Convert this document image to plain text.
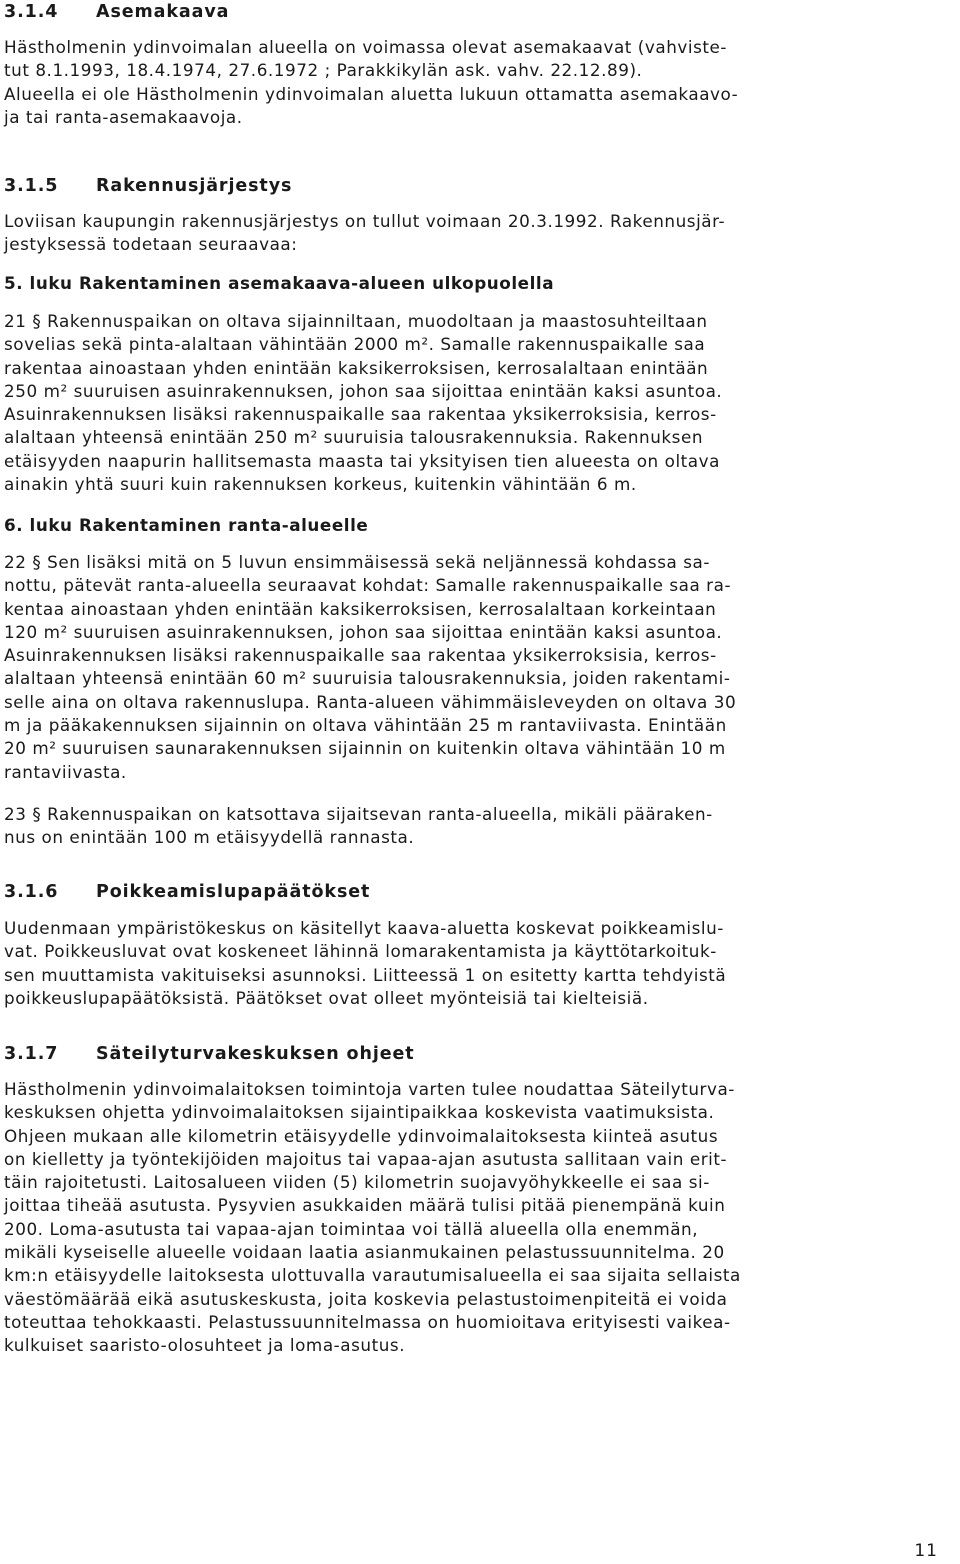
3.1.4 Asemakaava
Hästholmenin ydinvoimalan alueella on voimassa olevat asemakaavat (vahviste-
tut 8.1.1993, 18.4.1974, 27.6.1972 ; Parakkikylän ask. vahv. 22.12.89).
Alueella ei ole Hästholmenin ydinvoimalan aluetta lukuun ottamatta asemakaavo-
ja tai ranta-asemakaavoja.
3.1.5 Rakennusjärjestys
Loviisan kaupungin rakennusjärjestys on tullut voimaan 20.3.1992. Rakennusjär-
jestyksessä todetaan seuraavaa:
5. luku Rakentaminen asemakaava-alueen ulkopuolella
21 § Rakennuspaikan on oltava sijainniltaan, muodoltaan ja maastosuhteiltaan
sovelias sekä pinta-alaltaan vähintään 2000 m². Samalle rakennuspaikalle saa
rakentaa ainoastaan yhden enintään kaksikerroksisen, kerrosalaltaan enintään
250 m² suuruisen asuinrakennuksen, johon saa sijoittaa enintään kaksi asuntoa.
Asuinrakennuksen lisäksi rakennuspaikalle saa rakentaa yksikerroksisia, kerros-
alaltaan yhteensä enintään 250 m² suuruisia talousrakennuksia. Rakennuksen
etäisyyden naapurin hallitsemasta maasta tai yksityisen tien alueesta on oltava
ainakin yhtä suuri kuin rakennuksen korkeus, kuitenkin vähintään 6 m.
6. luku Rakentaminen ranta-alueelle
22 § Sen lisäksi mitä on 5 luvun ensimmäisessä sekä neljännessä kohdassa sa-
nottu, pätevät ranta-alueella seuraavat kohdat: Samalle rakennuspaikalle saa ra-
kentaa ainoastaan yhden enintään kaksikerroksisen, kerrosalaltaan korkeintaan
120 m² suuruisen asuinrakennuksen, johon saa sijoittaa enintään kaksi asuntoa.
Asuinrakennuksen lisäksi rakennuspaikalle saa rakentaa yksikerroksisia, kerros-
alaltaan yhteensä enintään 60 m² suuruisia talousrakennuksia, joiden rakentami-
selle aina on oltava rakennuslupa. Ranta-alueen vähimmäisleveyden on oltava 30
m ja pääkakennuksen sijainnin on oltava vähintään 25 m rantaviivasta. Enintään
20 m² suuruisen saunarakennuksen sijainnin on kuitenkin oltava vähintään 10 m
rantaviivasta.
23 § Rakennuspaikan on katsottava sijaitsevan ranta-alueella, mikäli pääraken-
nus on enintään 100 m etäisyydellä rannasta.
3.1.6 Poikkeamislupapäätökset
Uudenmaan ympäristökeskus on käsitellyt kaava-aluetta koskevat poikkeamislu-
vat. Poikkeusluvat ovat koskeneet lähinnä lomarakentamista ja käyttötarkoituk-
sen muuttamista vakituiseksi asunnoksi. Liitteessä 1 on esitetty kartta tehdyistä
poikkeuslupapäätöksistä. Päätökset ovat olleet myönteisiä tai kielteisiä.
3.1.7 Säteilyturvakeskuksen ohjeet
Hästholmenin ydinvoimalaitoksen toimintoja varten tulee noudattaa Säteilyturva-
keskuksen ohjetta ydinvoimalaitoksen sijaintipaikkaa koskevista vaatimuksista.
Ohjeen mukaan alle kilometrin etäisyydelle ydinvoimalaitoksesta kiinteä asutus
on kielletty ja työntekijöiden majoitus tai vapaa-ajan asutusta sallitaan vain erit-
täin rajoitetusti. Laitosalueen viiden (5) kilometrin suojavyöhykkeelle ei saa si-
joittaa tiheää asutusta. Pysyvien asukkaiden määrä tulisi pitää pienempänä kuin
200. Loma-asutusta tai vapaa-ajan toimintaa voi tällä alueella olla enemmän,
mikäli kyseiselle alueelle voidaan laatia asianmukainen pelastussuunnitelma. 20
km:n etäisyydelle laitoksesta ulottuvalla varautumisalueella ei saa sijaita sellaista
väestömäärää eikä asutuskeskusta, joita koskevia pelastustoimenpiteitä ei voida
toteuttaa tehokkaasti. Pelastussuunnitelmassa on huomioitava erityisesti vaikea-
kulkuiset saaristo-olosuhteet ja loma-asutus.
11
